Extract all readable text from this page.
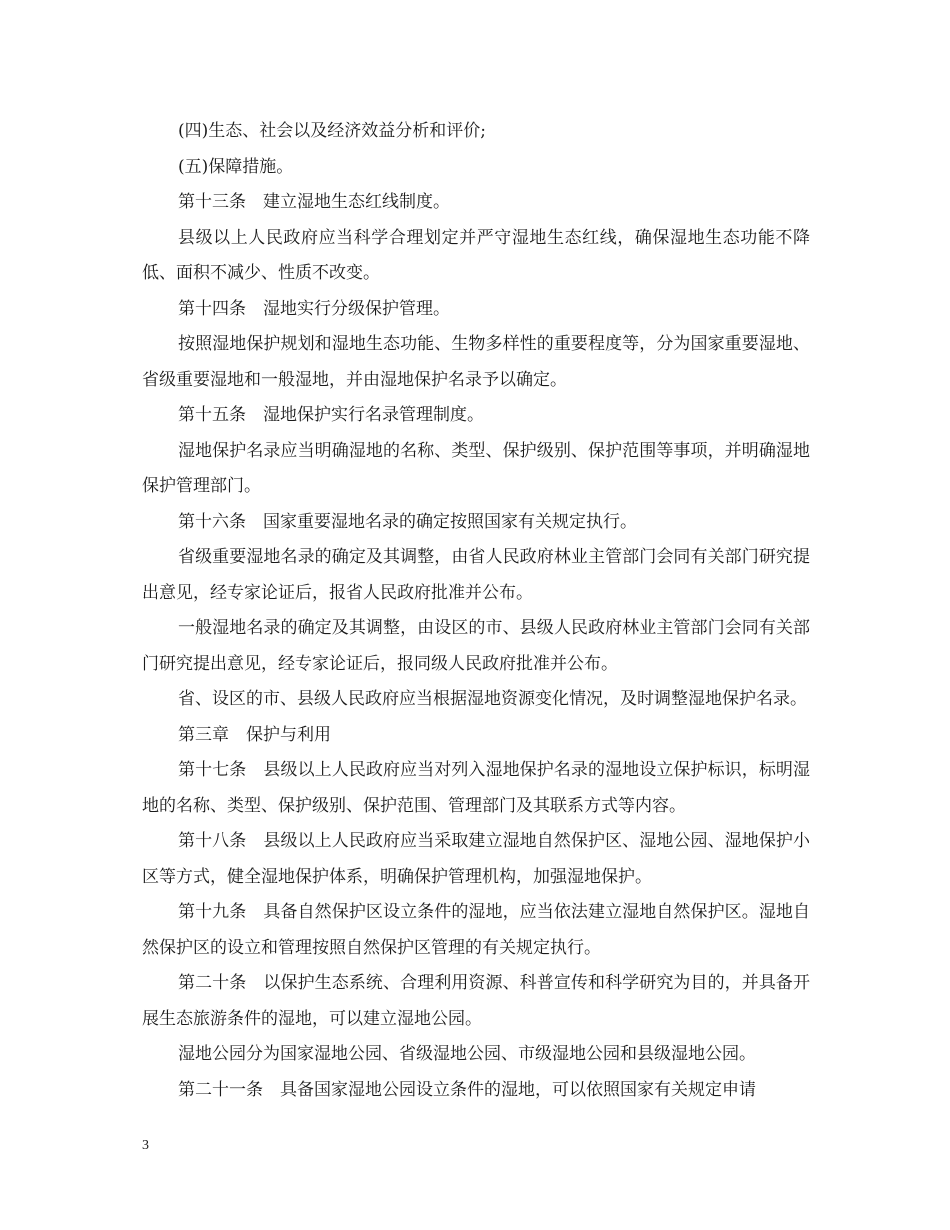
(四)生态、社会以及经济效益分析和评价;

(五)保障措施。

第十三条　建立湿地生态红线制度。

县级以上人民政府应当科学合理划定并严守湿地生态红线，确保湿地生态功能不降低、面积不减少、性质不改变。

第十四条　湿地实行分级保护管理。

按照湿地保护规划和湿地生态功能、生物多样性的重要程度等，分为国家重要湿地、省级重要湿地和一般湿地，并由湿地保护名录予以确定。

第十五条　湿地保护实行名录管理制度。

湿地保护名录应当明确湿地的名称、类型、保护级别、保护范围等事项，并明确湿地保护管理部门。

第十六条　国家重要湿地名录的确定按照国家有关规定执行。

省级重要湿地名录的确定及其调整，由省人民政府林业主管部门会同有关部门研究提出意见，经专家论证后，报省人民政府批准并公布。

一般湿地名录的确定及其调整，由设区的市、县级人民政府林业主管部门会同有关部门研究提出意见，经专家论证后，报同级人民政府批准并公布。

省、设区的市、县级人民政府应当根据湿地资源变化情况，及时调整湿地保护名录。

第三章　保护与利用

第十七条　县级以上人民政府应当对列入湿地保护名录的湿地设立保护标识，标明湿地的名称、类型、保护级别、保护范围、管理部门及其联系方式等内容。

第十八条　县级以上人民政府应当采取建立湿地自然保护区、湿地公园、湿地保护小区等方式，健全湿地保护体系，明确保护管理机构，加强湿地保护。

第十九条　具备自然保护区设立条件的湿地，应当依法建立湿地自然保护区。湿地自然保护区的设立和管理按照自然保护区管理的有关规定执行。

第二十条　以保护生态系统、合理利用资源、科普宣传和科学研究为目的，并具备开展生态旅游条件的湿地，可以建立湿地公园。

湿地公园分为国家湿地公园、省级湿地公园、市级湿地公园和县级湿地公园。

第二十一条　具备国家湿地公园设立条件的湿地，可以依照国家有关规定申请

3
